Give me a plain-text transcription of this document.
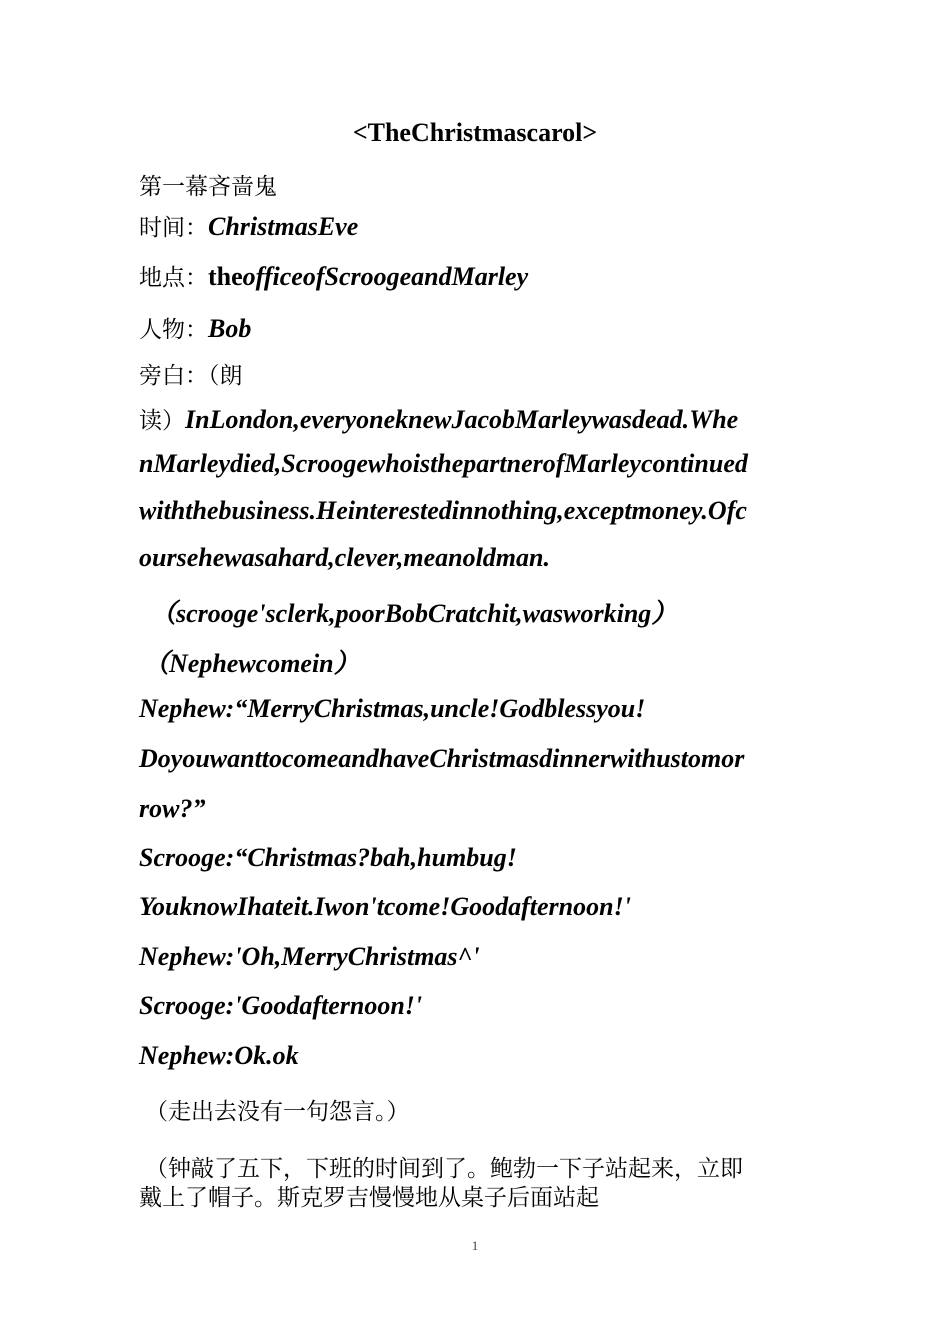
<TheChristmascarol>
第一幕吝啬鬼
时间：ChristmasEve
地点：theofficeofScroogeandMarley
人物：Bob
旁白：（朗
读）InLondon,everyoneknewJacobMarleywasdead.Whe
nMarleydied,ScroogewhoisthepartnerofMarleycontinued
withthebusiness.Heinterestedinnothing,exceptmoney.Ofc
oursehewasahard,clever,meanoldman.
（scrooge'sclerk,poorBobCratchit,wasworking）
（Nephewcomein）
Nephew:“MerryChristmas,uncle!Godblessyou!
DoyouwanttocomeandhaveChristmasdinnerwithustomor
row?”
Scrooge:“Christmas?bah,humbug!
YouknowIhateit.Iwon'tcome!Goodafternoon!'
Nephew:'Oh,MerryChristmas^'
Scrooge:'Goodafternoon!'
Nephew:Ok.ok
（走出去没有一句怨言。）
（钟敲了五下，下班的时间到了。鲍勃一下子站起来，立即
戴上了帽子。斯克罗吉慢慢地从桌子后面站起
1
